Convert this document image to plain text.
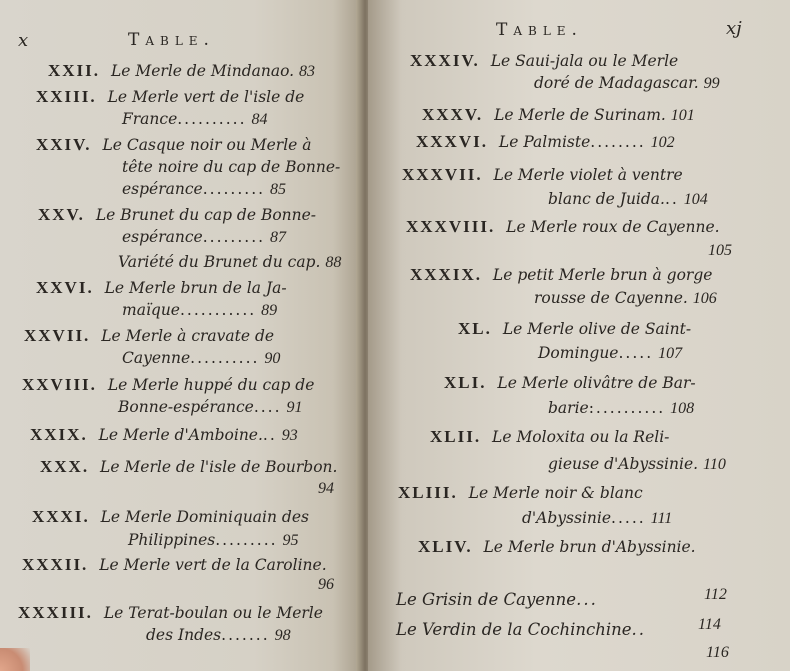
x	Table.
XXII. Le Merle de Mindanao. 83
XXIII. Le Merle vert de l'isle de
France.......... 84
XXIV. Le Casque noir ou Merle à
tête noire du cap de Bonne-
espérance......... 85
XXV. Le Brunet du cap de Bonne-
espérance......... 87
Variété du Brunet du cap. 88
XXVI. Le Merle brun de la Ja-
maïque........... 89
XXVII. Le Merle à cravate de
Cayenne.......... 90
XXVIII. Le Merle huppé du cap de
Bonne-espérance.... 91
XXIX. Le Merle d'Amboine... 93
XXX. Le Merle de l'isle de Bourbon.
94
XXXI. Le Merle Dominiquain des
Philippines......... 95
XXXII. Le Merle vert de la Caroline.
96
XXXIII. Le Terat-boulan ou le Merle
des Indes....... 98
Table.	xj
XXXIV. Le Saui-jala ou le Merle
doré de Madagascar. 99
XXXV. Le Merle de Surinam. 101
XXXVI. Le Palmiste........ 102
XXXVII. Le Merle violet à ventre
blanc de Juida... 104
XXXVIII. Le Merle roux de Cayenne.
105
XXXIX. Le petit Merle brun à gorge
rousse de Cayenne. 106
XL. Le Merle olive de Saint-
Domingue..... 107
XLI. Le Merle olivâtre de Bar-
barie:.......... 108
XLII. Le Moloxita ou la Reli-
gieuse d'Abyssinie. 110
XLIII. Le Merle noir & blanc
d'Abyssinie..... 111
XLIV. Le Merle brun d'Abyssinie.
112
Le Grisin de Cayenne...
114
Le Verdin de la Cochinchine..
116
